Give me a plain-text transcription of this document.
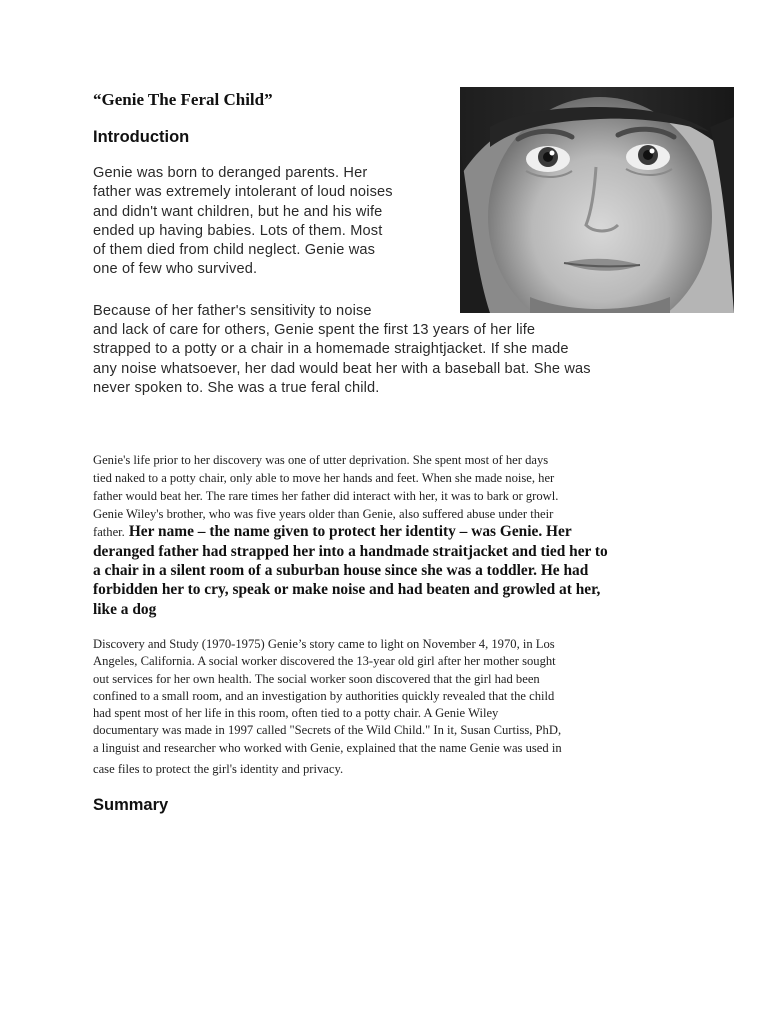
“Genie The Feral Child”
Introduction

Genie was born to deranged parents. Her
father was extremely intolerant of loud noises
and didn't want children, but he and his wife
ended up having babies. Lots of them. Most
of them died from child neglect. Genie was
one of few who survived.

Because of her father's sensitivity to noise

and lack of care for others, Genie spent the first 13 years of her life
strapped to a potty or a chair in a homemade straightjacket. If she made
any noise whatsoever, her dad would beat her with a baseball bat. She was
never spoken to. She was a true feral child.

Genie's life prior to her discovery was one of utter deprivation. She spent most of her days
tied naked to a potty chair, only able to move her hands and feet. When she made noise, her
father would beat her. The rare times her father did interact with her, it was to bark or growl.
Genie Wiley's brother, who was five years older than Genie, also suffered abuse under their
father. Her name – the name given to protect her identity – was Genie. Her
deranged father had strapped her into a handmade straitjacket and tied her to
a chair in a silent room of a suburban house since she was a toddler. He had
forbidden her to cry, speak or make noise and had beaten and growled at her,
like a dog
Discovery and Study (1970-1975) Genie’s story came to light on November 4, 1970, in Los
Angeles, California. A social worker discovered the 13-year old girl after her mother sought
out services for her own health. The social worker soon discovered that the girl had been
confined to a small room, and an investigation by authorities quickly revealed that the child
had spent most of her life in this room, often tied to a potty chair. A Genie Wiley
documentary was made in 1997 called "Secrets of the Wild Child." In it, Susan Curtiss, PhD,
a linguist and researcher who worked with Genie, explained that the name Genie was used in

case files to protect the girl's identity and privacy.

Summary
